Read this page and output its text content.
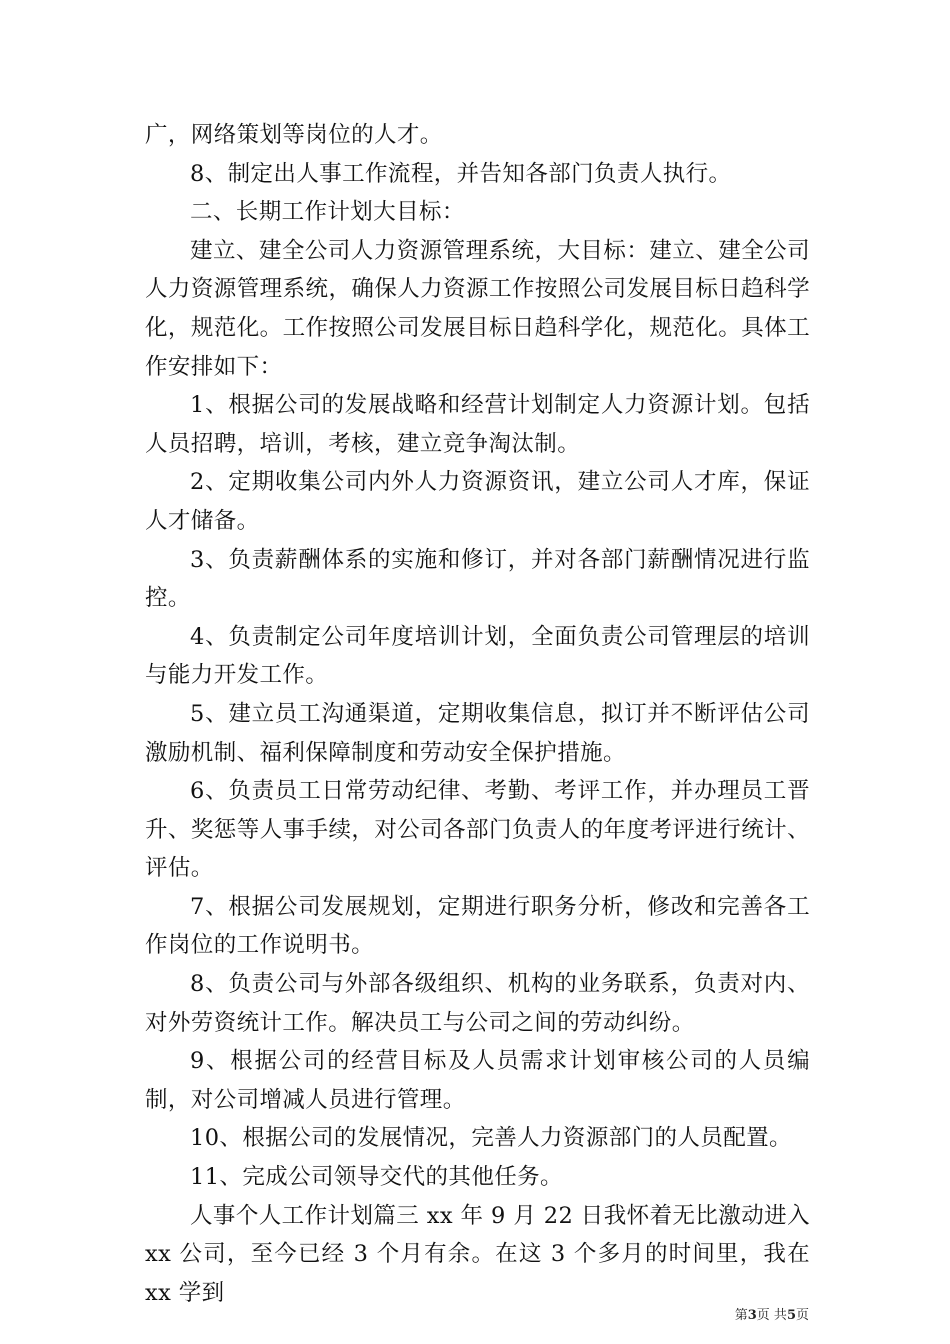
广，网络策划等岗位的人才。

8、制定出人事工作流程，并告知各部门负责人执行。

二、长期工作计划大目标：

建立、建全公司人力资源管理系统，大目标：建立、建全公司人力资源管理系统，确保人力资源工作按照公司发展目标日趋科学化，规范化。工作按照公司发展目标日趋科学化，规范化。具体工作安排如下：

1、根据公司的发展战略和经营计划制定人力资源计划。包括人员招聘，培训，考核，建立竞争淘汰制。

2、定期收集公司内外人力资源资讯，建立公司人才库，保证人才储备。

3、负责薪酬体系的实施和修订，并对各部门薪酬情况进行监控。

4、负责制定公司年度培训计划，全面负责公司管理层的培训与能力开发工作。

5、建立员工沟通渠道，定期收集信息，拟订并不断评估公司激励机制、福利保障制度和劳动安全保护措施。

6、负责员工日常劳动纪律、考勤、考评工作，并办理员工晋升、奖惩等人事手续，对公司各部门负责人的年度考评进行统计、评估。

7、根据公司发展规划，定期进行职务分析，修改和完善各工作岗位的工作说明书。

8、负责公司与外部各级组织、机构的业务联系，负责对内、对外劳资统计工作。解决员工与公司之间的劳动纠纷。

9、根据公司的经营目标及人员需求计划审核公司的人员编制，对公司增减人员进行管理。

10、根据公司的发展情况，完善人力资源部门的人员配置。

11、完成公司领导交代的其他任务。

人事个人工作计划篇三 xx 年 9 月 22 日我怀着无比激动进入 xx 公司，至今已经 3 个月有余。在这 3 个多月的时间里，我在 xx 学到

第3页 共5页
